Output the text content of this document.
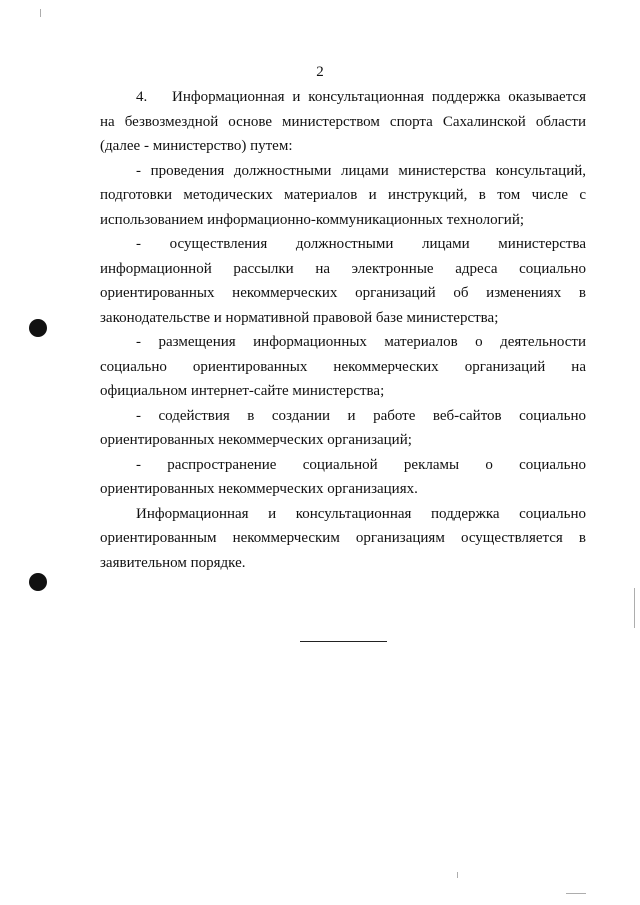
2

4. Информационная и консультационная поддержка оказывается на безвозмездной основе министерством спорта Сахалинской области (далее - министерство) путем:

- проведения должностными лицами министерства консультаций, подготовки методических материалов и инструкций, в том числе с использованием информационно-коммуникационных технологий;

- осуществления должностными лицами министерства информационной рассылки на электронные адреса социально ориентированных некоммерческих организаций об изменениях в законодательстве и нормативной правовой базе министерства;

- размещения информационных материалов о деятельности социально ориентированных некоммерческих организаций на официальном интернет-сайте министерства;

- содействия в создании и работе веб-сайтов социально ориентированных некоммерческих организаций;

- распространение социальной рекламы о социально ориентированных некоммерческих организациях.

Информационная и консультационная поддержка социально ориентированным некоммерческим организациям осуществляется в заявительном порядке.
